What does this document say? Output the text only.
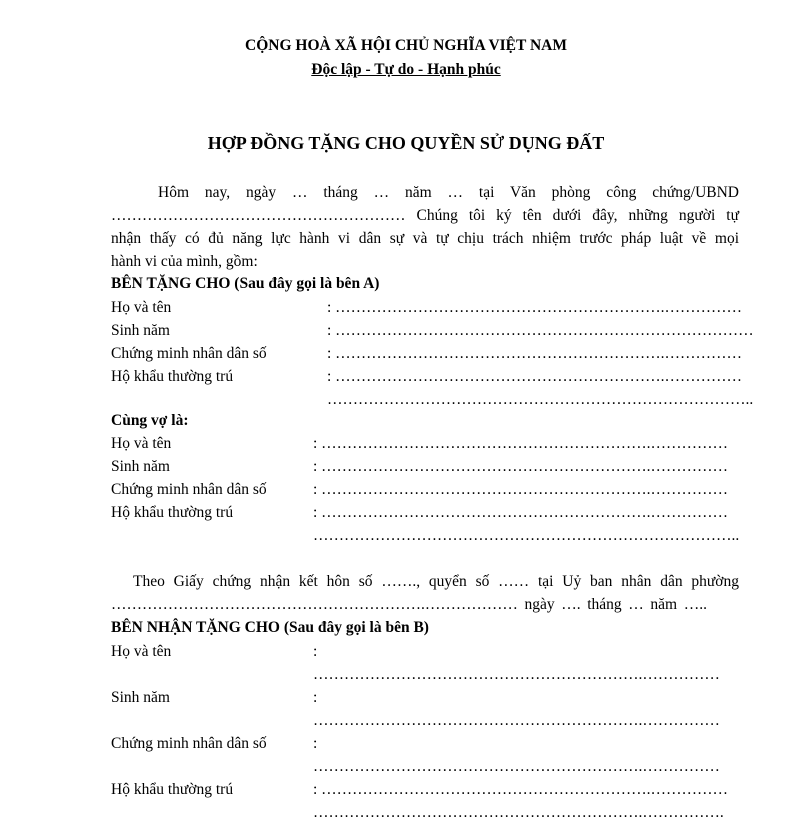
CỘNG HOÀ XÃ HỘI CHỦ NGHĨA VIỆT NAM
Độc lập - Tự do - Hạnh phúc
HỢP ĐỒNG TẶNG CHO QUYỀN SỬ DỤNG ĐẤT
Hôm nay, ngày … tháng … năm … tại Văn phòng công chứng/UBND
………………………………………………… Chúng tôi ký tên dưới đây, những người tự
nhận thấy có đủ năng lực hành vi dân sự và tự chịu trách nhiệm trước pháp luật về mọi
hành vi của mình, gồm:
BÊN TẶNG CHO (Sau đây gọi là bên A)
Họ và tên	: ……………………………………………………….……………
Sinh năm	: ………………………………………………………………………
Chứng minh nhân dân số	: ……………………………………………………….……………
Hộ khẩu thường trú	: ……………………………………………………….……………
………………………………………………………………………..
Cùng vợ là:
Họ và tên	: ……………………………………………………….……………
Sinh năm	: ……………………………………………………….……………
Chứng minh nhân dân số	: ……………………………………………………….……………
Hộ khẩu thường trú	: ……………………………………………………….……………
………………………………………………………………………..
Theo Giấy chứng nhận kết hôn số ……., quyển số …… tại Uỷ ban nhân dân phường
…………………………………………………….……………… ngày …. tháng … năm …..
BÊN NHẬN TẶNG CHO (Sau đây gọi là bên B)
Họ và tên	:
……………………………………………………….……………
Sinh năm	:
……………………………………………………….……………
Chứng minh nhân dân số	:
……………………………………………………….……………
Hộ khẩu thường trú	: ……………………………………………………….……………
……………………………………………………….…………….
